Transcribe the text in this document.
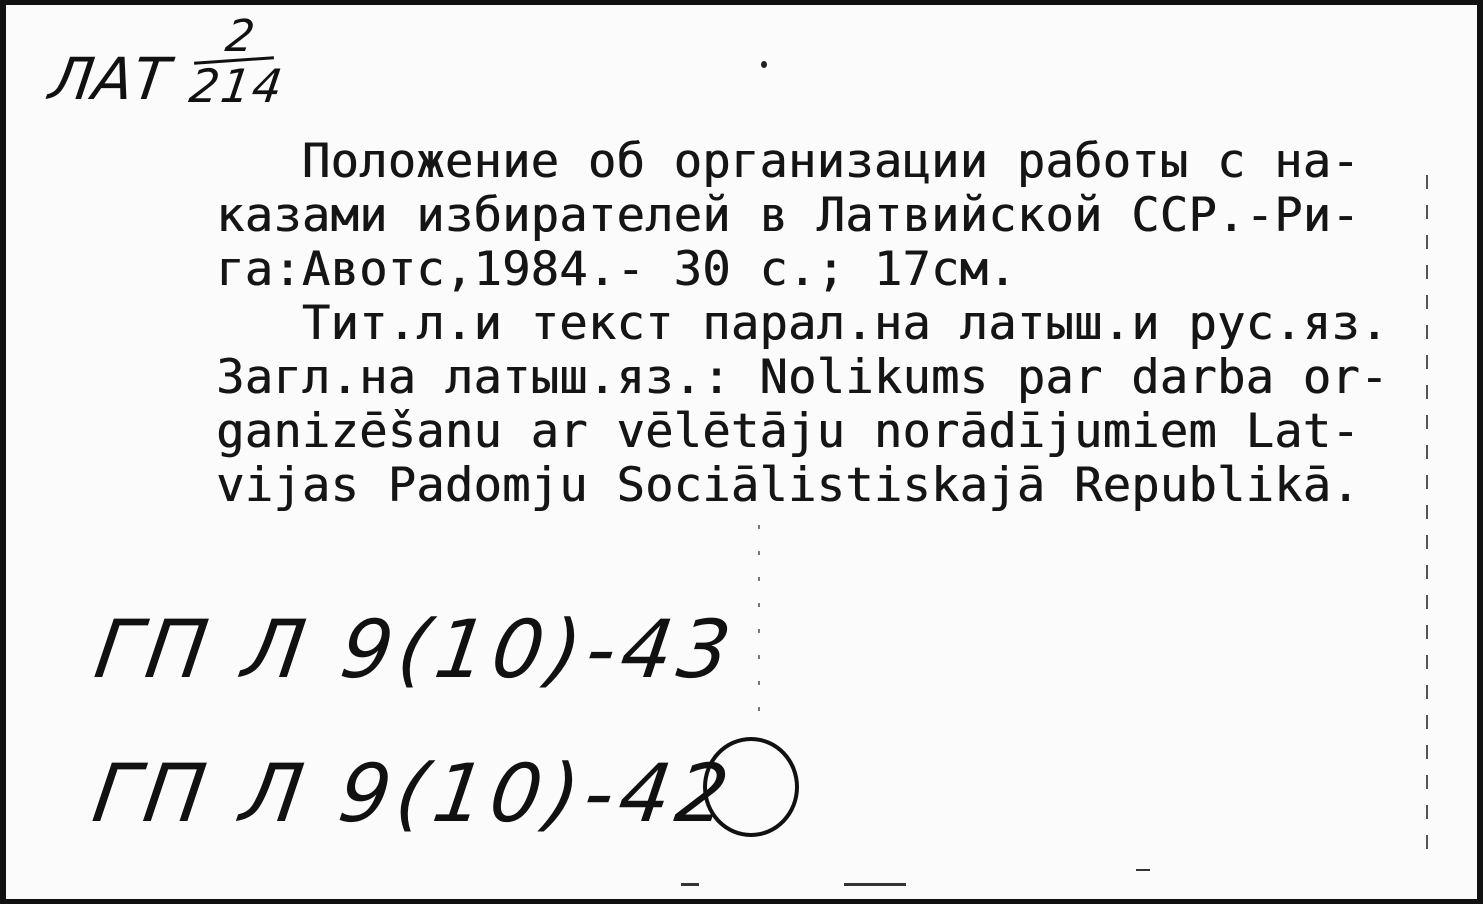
ЛАТ
2
214
Положение об организации работы с на-
казами избирателей в Латвийской ССР.-Ри-
га:Авотс,1984.- 30 с.; 17см.
Тит.л.и текст парал.на латыш.и рус.яз.
Загл.на латыш.яз.: Nolikums par darba or-
ganizēšanu ar vēlētāju norādījumiem Lat-
vijas Padomju Sociālistiskajā Republikā.
ГП Л 9(10)-43
ГП Л 9(10)-42
